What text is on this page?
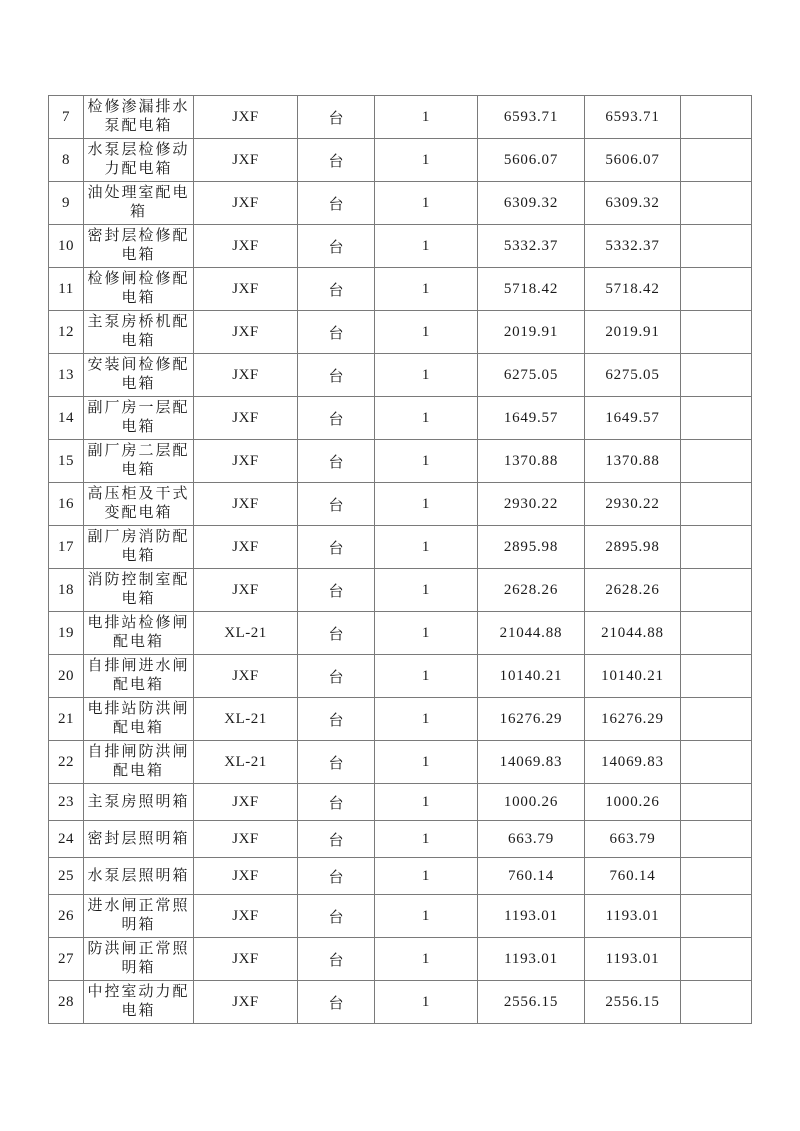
7	检修渗漏排水泵配电箱	JXF	台	1	6593.71	6593.71	
8	水泵层检修动力配电箱	JXF	台	1	5606.07	5606.07	
9	油处理室配电箱	JXF	台	1	6309.32	6309.32	
10	密封层检修配电箱	JXF	台	1	5332.37	5332.37	
11	检修闸检修配电箱	JXF	台	1	5718.42	5718.42	
12	主泵房桥机配电箱	JXF	台	1	2019.91	2019.91	
13	安装间检修配电箱	JXF	台	1	6275.05	6275.05	
14	副厂房一层配电箱	JXF	台	1	1649.57	1649.57	
15	副厂房二层配电箱	JXF	台	1	1370.88	1370.88	
16	高压柜及干式变配电箱	JXF	台	1	2930.22	2930.22	
17	副厂房消防配电箱	JXF	台	1	2895.98	2895.98	
18	消防控制室配电箱	JXF	台	1	2628.26	2628.26	
19	电排站检修闸配电箱	XL-21	台	1	21044.88	21044.88	
20	自排闸进水闸配电箱	JXF	台	1	10140.21	10140.21	
21	电排站防洪闸配电箱	XL-21	台	1	16276.29	16276.29	
22	自排闸防洪闸配电箱	XL-21	台	1	14069.83	14069.83	
23	主泵房照明箱	JXF	台	1	1000.26	1000.26	
24	密封层照明箱	JXF	台	1	663.79	663.79	
25	水泵层照明箱	JXF	台	1	760.14	760.14	
26	进水闸正常照明箱	JXF	台	1	1193.01	1193.01	
27	防洪闸正常照明箱	JXF	台	1	1193.01	1193.01	
28	中控室动力配电箱	JXF	台	1	2556.15	2556.15	
